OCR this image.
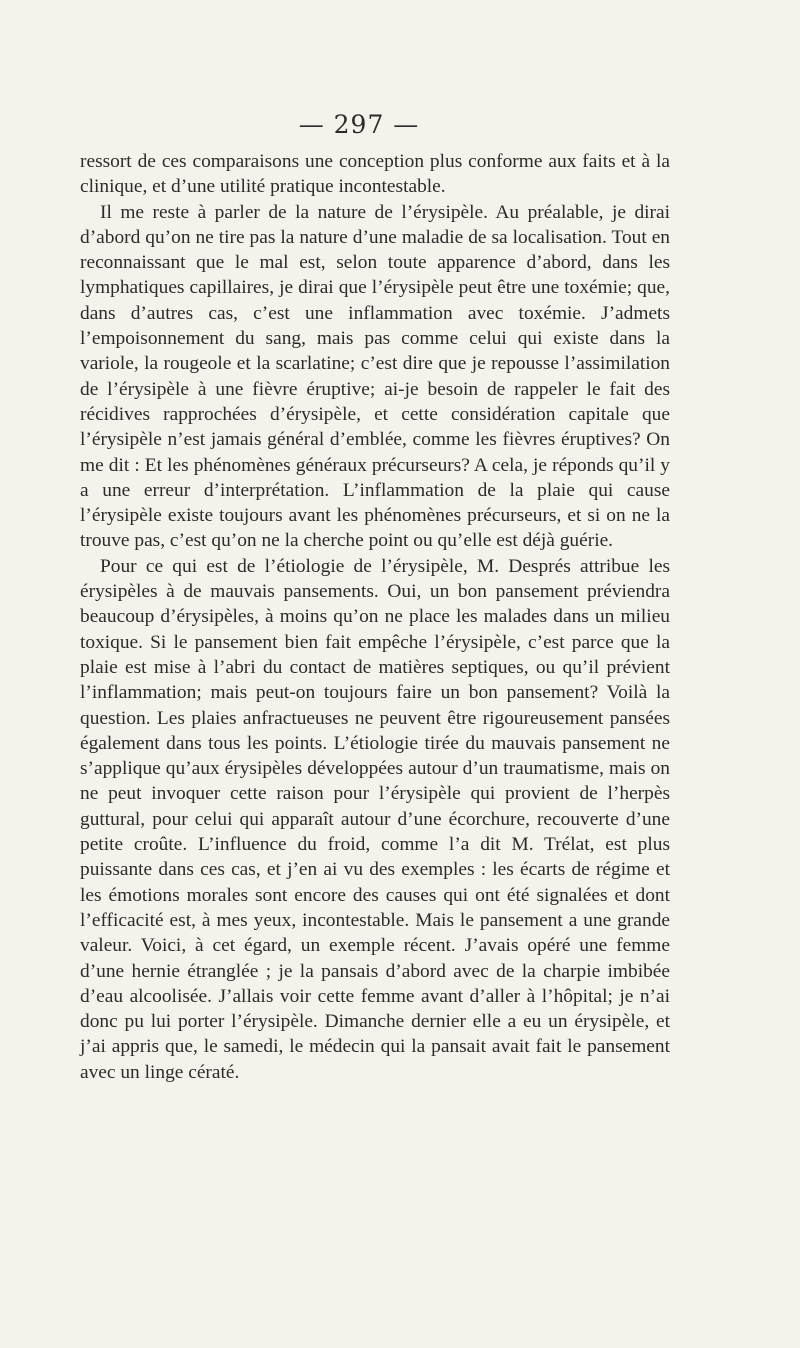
— 297 —

ressort de ces comparaisons une conception plus conforme aux faits et à la clinique, et d’une utilité pratique incontestable.

Il me reste à parler de la nature de l’érysipèle. Au préalable, je dirai d’abord qu’on ne tire pas la nature d’une maladie de sa localisation. Tout en reconnaissant que le mal est, selon toute apparence d’abord, dans les lymphatiques capillaires, je dirai que l’érysipèle peut être une toxémie; que, dans d’autres cas, c’est une inflammation avec toxémie. J’admets l’empoisonnement du sang, mais pas comme celui qui existe dans la variole, la rougeole et la scarlatine; c’est dire que je repousse l’assimilation de l’érysipèle à une fièvre éruptive; ai-je besoin de rappeler le fait des récidives rapprochées d’érysipèle, et cette considération capitale que l’érysipèle n’est jamais général d’emblée, comme les fièvres éruptives? On me dit : Et les phénomènes généraux précurseurs? A cela, je réponds qu’il y a une erreur d’interprétation. L’inflammation de la plaie qui cause l’érysipèle existe toujours avant les phénomènes précurseurs, et si on ne la trouve pas, c’est qu’on ne la cherche point ou qu’elle est déjà guérie.

Pour ce qui est de l’étiologie de l’érysipèle, M. Després attribue les érysipèles à de mauvais pansements. Oui, un bon pansement préviendra beaucoup d’érysipèles, à moins qu’on ne place les malades dans un milieu toxique. Si le pansement bien fait empêche l’érysipèle, c’est parce que la plaie est mise à l’abri du contact de matières septiques, ou qu’il prévient l’inflammation; mais peut-on toujours faire un bon pansement? Voilà la question. Les plaies anfractueuses ne peuvent être rigoureusement pansées également dans tous les points. L’étiologie tirée du mauvais pansement ne s’applique qu’aux érysipèles développées autour d’un traumatisme, mais on ne peut invoquer cette raison pour l’érysipèle qui provient de l’herpès guttural, pour celui qui apparaît autour d’une écorchure, recouverte d’une petite croûte. L’influence du froid, comme l’a dit M. Trélat, est plus puissante dans ces cas, et j’en ai vu des exemples : les écarts de régime et les émotions morales sont encore des causes qui ont été signalées et dont l’efficacité est, à mes yeux, incontestable. Mais le pansement a une grande valeur. Voici, à cet égard, un exemple récent. J’avais opéré une femme d’une hernie étranglée ; je la pansais d’abord avec de la charpie imbibée d’eau alcoolisée. J’allais voir cette femme avant d’aller à l’hôpital; je n’ai donc pu lui porter l’érysipèle. Dimanche dernier elle a eu un érysipèle, et j’ai appris que, le samedi, le médecin qui la pansait avait fait le pansement avec un linge cératé.
